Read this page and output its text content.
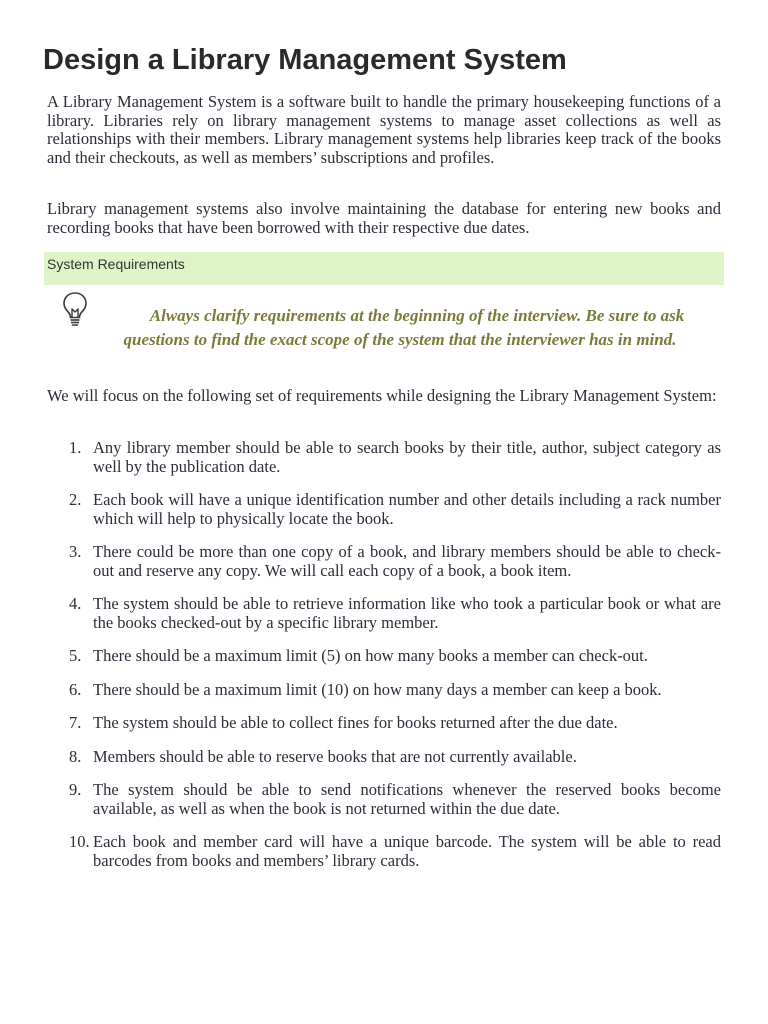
Design a Library Management System

A Library Management System is a software built to handle the primary housekeeping functions of a library. Libraries rely on library management systems to manage asset collections as well as relationships with their members. Library management systems help libraries keep track of the books and their checkouts, as well as members’ subscriptions and profiles.

Library management systems also involve maintaining the database for entering new books and recording books that have been borrowed with their respective due dates.

System Requirements

Always clarify requirements at the beginning of the interview. Be sure to ask questions to find the exact scope of the system that the interviewer has in mind.

We will focus on the following set of requirements while designing the Library Management System:

1. Any library member should be able to search books by their title, author, subject category as well by the publication date.
2. Each book will have a unique identification number and other details including a rack number which will help to physically locate the book.
3. There could be more than one copy of a book, and library members should be able to check-out and reserve any copy. We will call each copy of a book, a book item.
4. The system should be able to retrieve information like who took a particular book or what are the books checked-out by a specific library member.
5. There should be a maximum limit (5) on how many books a member can check-out.
6. There should be a maximum limit (10) on how many days a member can keep a book.
7. The system should be able to collect fines for books returned after the due date.
8. Members should be able to reserve books that are not currently available.
9. The system should be able to send notifications whenever the reserved books become available, as well as when the book is not returned within the due date.
10. Each book and member card will have a unique barcode. The system will be able to read barcodes from books and members’ library cards.
